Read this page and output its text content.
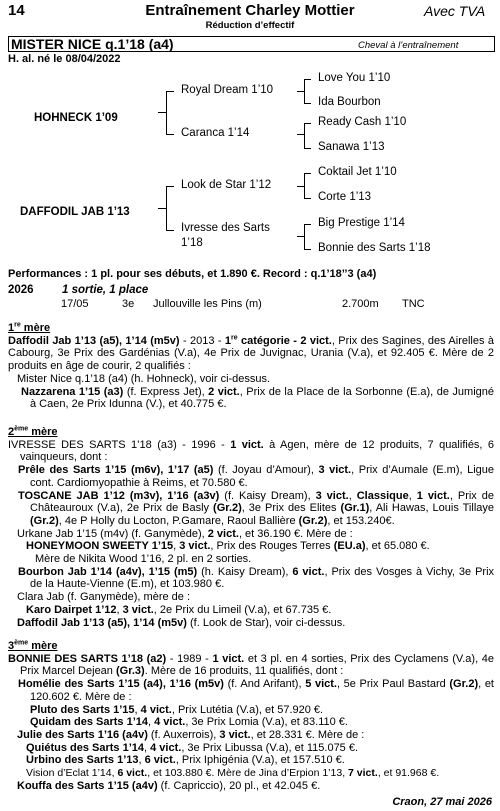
14	Entraînement Charley Mottier	Avec TVA
Réduction d’effectif
MISTER NICE q.1’18 (a4)	Cheval à l’entraînement
H. al. né le 08/04/2022
HOHNECK 1’09
DAFFODIL JAB 1’13
Royal Dream 1’10
Caranca 1’14
Look de Star 1’12
Ivresse des Sarts
1’18
Love You 1’10
Ida Bourbon
Ready Cash 1’10
Sanawa 1’13
Coktail Jet 1’10
Corte 1’13
Big Prestige 1’14
Bonnie des Sarts 1’18
Performances : 1 pl. pour ses débuts, et 1.890 €. Record : q.1’18’’3 (a4)
2026 1 sortie, 1 place
17/05	3e Jullouville les Pins (m)	2.700m TNC

1re mère

Daffodil Jab 1’13 (a5), 1’14 (m5v) - 2013 - 1re catégorie - 2 vict., Prix des Sagines, des Airelles à Cabourg, 3e Prix des Gardénias (V.a), 4e Prix de Juvignac, Urania (V.a), et 92.405 €. Mère de 2 produits en âge de courir, 2 qualifiés :

Mister Nice q.1’18 (a4) (h. Hohneck), voir ci-dessus.

Nazzarena 1’15 (a3) (f. Express Jet), 2 vict., Prix de la Place de la Sorbonne (E.a), de Jumigné à Caen, 2e Prix Idunna (V.), et 40.775 €.

2ème mère

IVRESSE DES SARTS 1’18 (a3) - 1996 - 1 vict. à Agen, mère de 12 produits, 7 qualifiés, 6 vainqueurs, dont :

Prêle des Sarts 1’15 (m6v), 1’17 (a5) (f. Joyau d’Amour), 3 vict., Prix d’Aumale (E.m), Ligue cont. Cardiomyopathie à Reims, et 70.580 €.

TOSCANE JAB 1’12 (m3v), 1’16 (a3v) (f. Kaisy Dream), 3 vict., Classique, 1 vict., Prix de Châteauroux (V.a), 2e Prix de Basly (Gr.2), 3e Prix des Elites (Gr.1), Ali Hawas, Louis Tillaye (Gr.2), 4e P Holly du Locton, P.Gamare, Raoul Ballière (Gr.2), et 153.240€.

Urkane Jab 1’15 (m4v) (f. Ganymède), 2 vict., et 36.190 €. Mère de :

HONEYMOON SWEETY 1’15, 3 vict., Prix des Rouges Terres (EU.a), et 65.080 €.

Mère de Nikita Wood 1’16, 2 pl. en 2 sorties.

Bourbon Jab 1’14 (a4v), 1’15 (m5) (h. Kaisy Dream), 6 vict., Prix des Vosges à Vichy, 3e Prix de la Haute-Vienne (E.m), et 103.980 €.

Clara Jab (f. Ganymède), mère de :

Karo Dairpet 1’12, 3 vict., 2e Prix du Limeil (V.a), et 67.735 €.

Daffodil Jab 1’13 (a5), 1’14 (m5v) (f. Look de Star), voir ci-dessus.

3ème mère

BONNIE DES SARTS 1’18 (a2) - 1989 - 1 vict. et 3 pl. en 4 sorties, Prix des Cyclamens (V.a), 4e Prix Marcel Dejean (Gr.3). Mère de 16 produits, 11 qualifiés, dont :

Homélie des Sarts 1’15 (a4), 1’16 (m5v) (f. And Arifant), 5 vict., 5e Prix Paul Bastard (Gr.2), et 120.602 €. Mère de :

Pluto des Sarts 1’15, 4 vict., Prix Lutétia (V.a), et 57.920 €.

Quidam des Sarts 1’14, 4 vict., 3e Prix Lomia (V.a), et 83.110 €.

Julie des Sarts 1’16 (a4v) (f. Auxerrois), 3 vict., et 28.331 €. Mère de :

Quiétus des Sarts 1’14, 4 vict., 3e Prix Libussa (V.a), et 115.075 €.

Urbino des Sarts 1’13, 6 vict., Prix Iphigénia (V.a), et 157.510 €.

Vision d’Eclat 1’14, 6 vict., et 103.880 €. Mère de Jina d’Erpion 1’13, 7 vict., et 91.968 €.

Kouffa des Sarts 1’15 (a4v) (f. Capriccio), 20 pl., et 42.045 €.

Craon, 27 mai 2026
